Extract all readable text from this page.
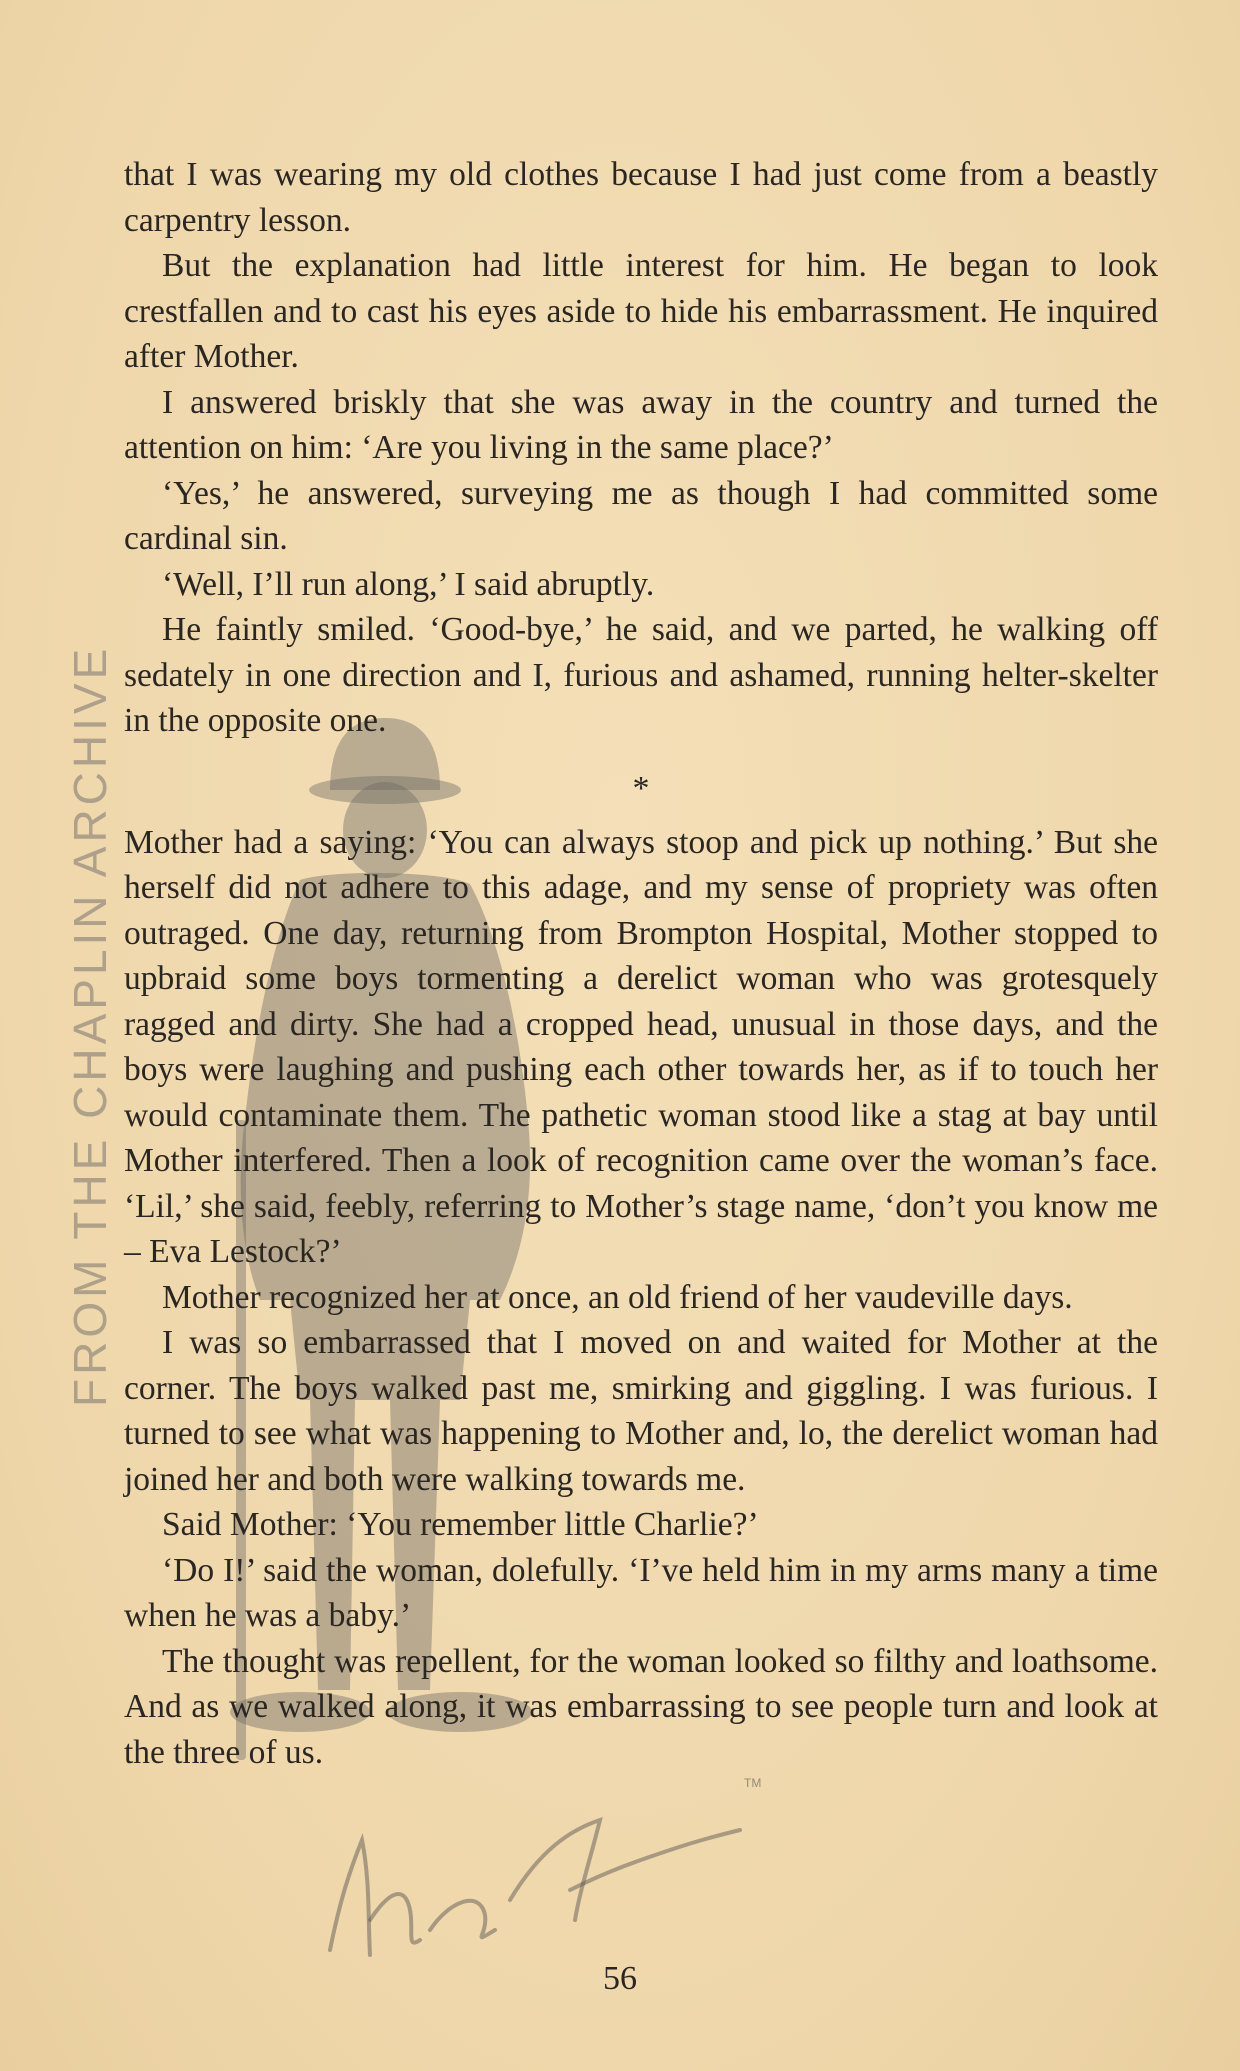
FROM THE CHAPLIN ARCHIVE

that I was wearing my old clothes because I had just come from a beastly carpentry lesson.

But the explanation had little interest for him. He began to look crestfallen and to cast his eyes aside to hide his embarrassment. He inquired after Mother.

I answered briskly that she was away in the country and turned the attention on him: ‘Are you living in the same place?’

‘Yes,’ he answered, surveying me as though I had committed some cardinal sin.

‘Well, I’ll run along,’ I said abruptly.

He faintly smiled. ‘Good-bye,’ he said, and we parted, he walking off sedately in one direction and I, furious and ashamed, running helter-skelter in the opposite one.

*

Mother had a saying: ‘You can always stoop and pick up nothing.’ But she herself did not adhere to this adage, and my sense of propriety was often outraged. One day, returning from Brompton Hospital, Mother stopped to upbraid some boys tormenting a derelict woman who was grotesquely ragged and dirty. She had a cropped head, unusual in those days, and the boys were laughing and pushing each other towards her, as if to touch her would contaminate them. The pathetic woman stood like a stag at bay until Mother interfered. Then a look of recognition came over the woman’s face. ‘Lil,’ she said, feebly, referring to Mother’s stage name, ‘don’t you know me – Eva Lestock?’

Mother recognized her at once, an old friend of her vaudeville days.

I was so embarrassed that I moved on and waited for Mother at the corner. The boys walked past me, smirking and giggling. I was furious. I turned to see what was happening to Mother and, lo, the derelict woman had joined her and both were walking towards me.

Said Mother: ‘You remember little Charlie?’

‘Do I!’ said the woman, dolefully. ‘I’ve held him in my arms many a time when he was a baby.’

The thought was repellent, for the woman looked so filthy and loathsome. And as we walked along, it was embarrassing to see people turn and look at the three of us.

TM
56
